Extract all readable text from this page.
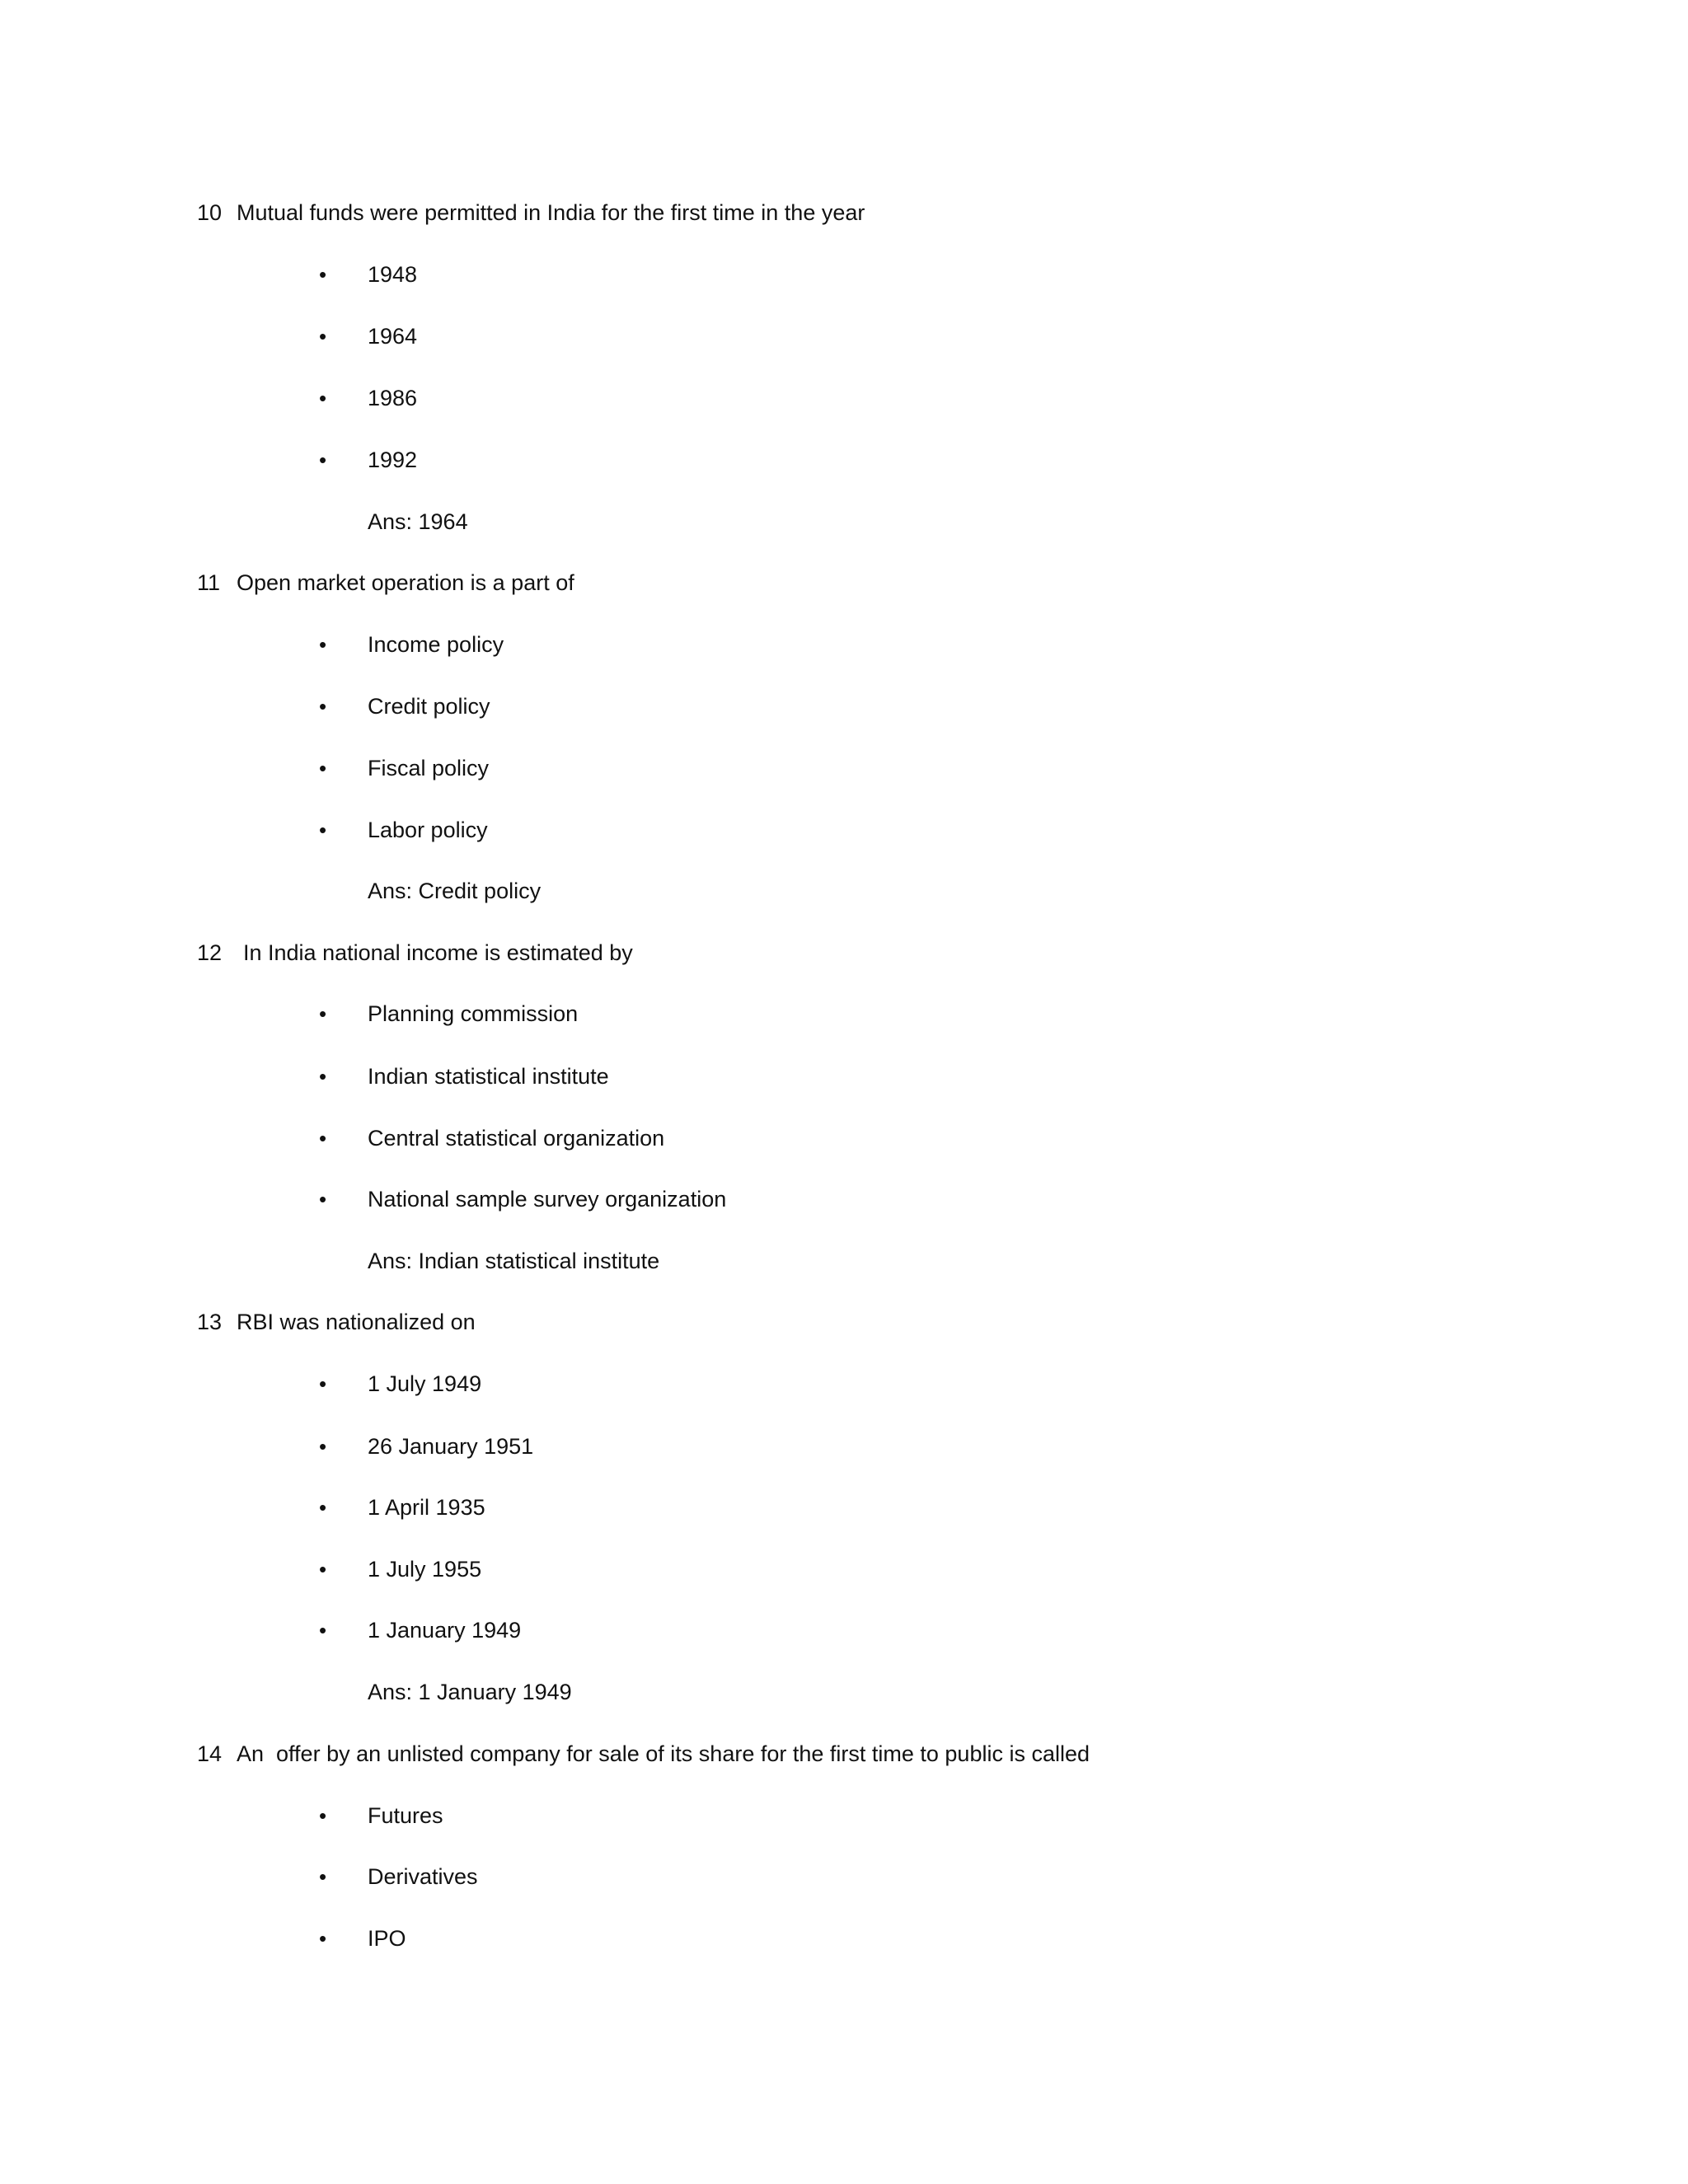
10 Mutual funds were permitted in India for the first time in the year
• 1948
• 1964
• 1986
• 1992
Ans: 1964
11 Open market operation is a part of
• Income policy
• Credit policy
• Fiscal policy
• Labor policy
Ans: Credit policy
12 In India national income is estimated by
• Planning commission
• Indian statistical institute
• Central statistical organization
• National sample survey organization
Ans: Indian statistical institute
13 RBI was nationalized on
• 1 July 1949
• 26 January 1951
• 1 April 1935
• 1 July 1955
• 1 January 1949
Ans: 1 January 1949
14 An  offer by an unlisted company for sale of its share for the first time to public is called
• Futures
• Derivatives
• IPO
